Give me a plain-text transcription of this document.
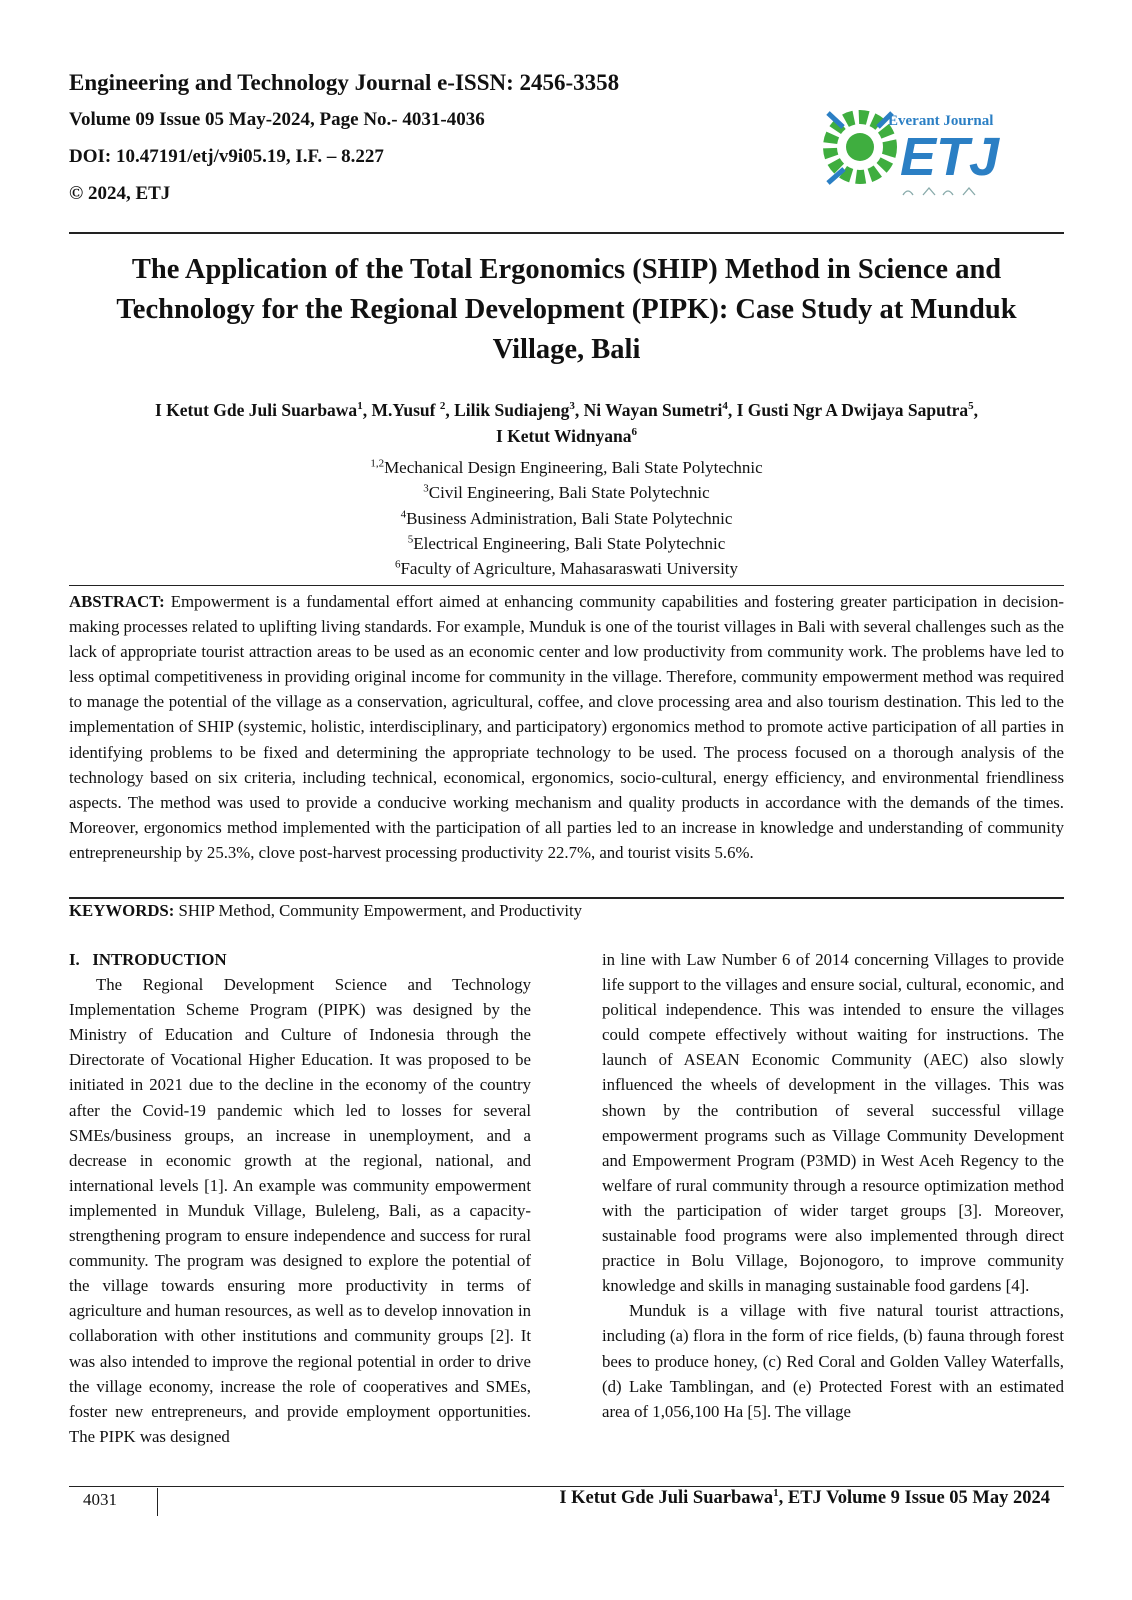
Engineering and Technology Journal e-ISSN: 2456-3358

Volume 09 Issue 05 May-2024, Page No.- 4031-4036

DOI: 10.47191/etj/v9i05.19, I.F. – 8.227

© 2024, ETJ

Everant Journal
ETJ
The Application of the Total Ergonomics (SHIP) Method in Science and Technology for the Regional Development (PIPK): Case Study at Munduk Village, Bali

I Ketut Gde Juli Suarbawa$^1$, M.Yusuf $^2$, Lilik Sudiajeng$^3$, Ni Wayan Sumetri$^4$, I Gusti Ngr A Dwijaya Saputra$^5$,
I Ketut Widnyana$^6$

$^{1,2}$Mechanical Design Engineering, Bali State Polytechnic

$^3$Civil Engineering, Bali State Polytechnic

$^4$Business Administration, Bali State Polytechnic

$^5$Electrical Engineering, Bali State Polytechnic

$^6$Faculty of Agriculture, Mahasaraswati University

ABSTRACT: Empowerment is a fundamental effort aimed at enhancing community capabilities and fostering greater participation in decision-making processes related to uplifting living standards. For example, Munduk is one of the tourist villages in Bali with several challenges such as the lack of appropriate tourist attraction areas to be used as an economic center and low productivity from community work. The problems have led to less optimal competitiveness in providing original income for community in the village. Therefore, community empowerment method was required to manage the potential of the village as a conservation, agricultural, coffee, and clove processing area and also tourism destination. This led to the implementation of SHIP (systemic, holistic, interdisciplinary, and participatory) ergonomics method to promote active participation of all parties in identifying problems to be fixed and determining the appropriate technology to be used. The process focused on a thorough analysis of the technology based on six criteria, including technical, economical, ergonomics, socio-cultural, energy efficiency, and environmental friendliness aspects. The method was used to provide a conducive working mechanism and quality products in accordance with the demands of the times. Moreover, ergonomics method implemented with the participation of all parties led to an increase in knowledge and understanding of community entrepreneurship by 25.3%, clove post-harvest processing productivity 22.7%, and tourist visits 5.6%.

KEYWORDS: SHIP Method, Community Empowerment, and Productivity

I. INTRODUCTION

The Regional Development Science and Technology Implementation Scheme Program (PIPK) was designed by the Ministry of Education and Culture of Indonesia through the Directorate of Vocational Higher Education. It was proposed to be initiated in 2021 due to the decline in the economy of the country after the Covid-19 pandemic which led to losses for several SMEs/business groups, an increase in unemployment, and a decrease in economic growth at the regional, national, and international levels [1]. An example was community empowerment implemented in Munduk Village, Buleleng, Bali, as a capacity-strengthening program to ensure independence and success for rural community. The program was designed to explore the potential of the village towards ensuring more productivity in terms of agriculture and human resources, as well as to develop innovation in collaboration with other institutions and community groups [2]. It was also intended to improve the regional potential in order to drive the village economy, increase the role of cooperatives and SMEs, foster new entrepreneurs, and provide employment opportunities. The PIPK was designed

in line with Law Number 6 of 2014 concerning Villages to provide life support to the villages and ensure social, cultural, economic, and political independence. This was intended to ensure the villages could compete effectively without waiting for instructions. The launch of ASEAN Economic Community (AEC) also slowly influenced the wheels of development in the villages. This was shown by the contribution of several successful village empowerment programs such as Village Community Development and Empowerment Program (P3MD) in West Aceh Regency to the welfare of rural community through a resource optimization method with the participation of wider target groups [3]. Moreover, sustainable food programs were also implemented through direct practice in Bolu Village, Bojonogoro, to improve community knowledge and skills in managing sustainable food gardens [4].

Munduk is a village with five natural tourist attractions, including (a) flora in the form of rice fields, (b) fauna through forest bees to produce honey, (c) Red Coral and Golden Valley Waterfalls, (d) Lake Tamblingan, and (e) Protected Forest with an estimated area of 1,056,100 Ha [5]. The village

4031	I Ketut Gde Juli Suarbawa$^1$, ETJ Volume 9 Issue 05 May 2024
